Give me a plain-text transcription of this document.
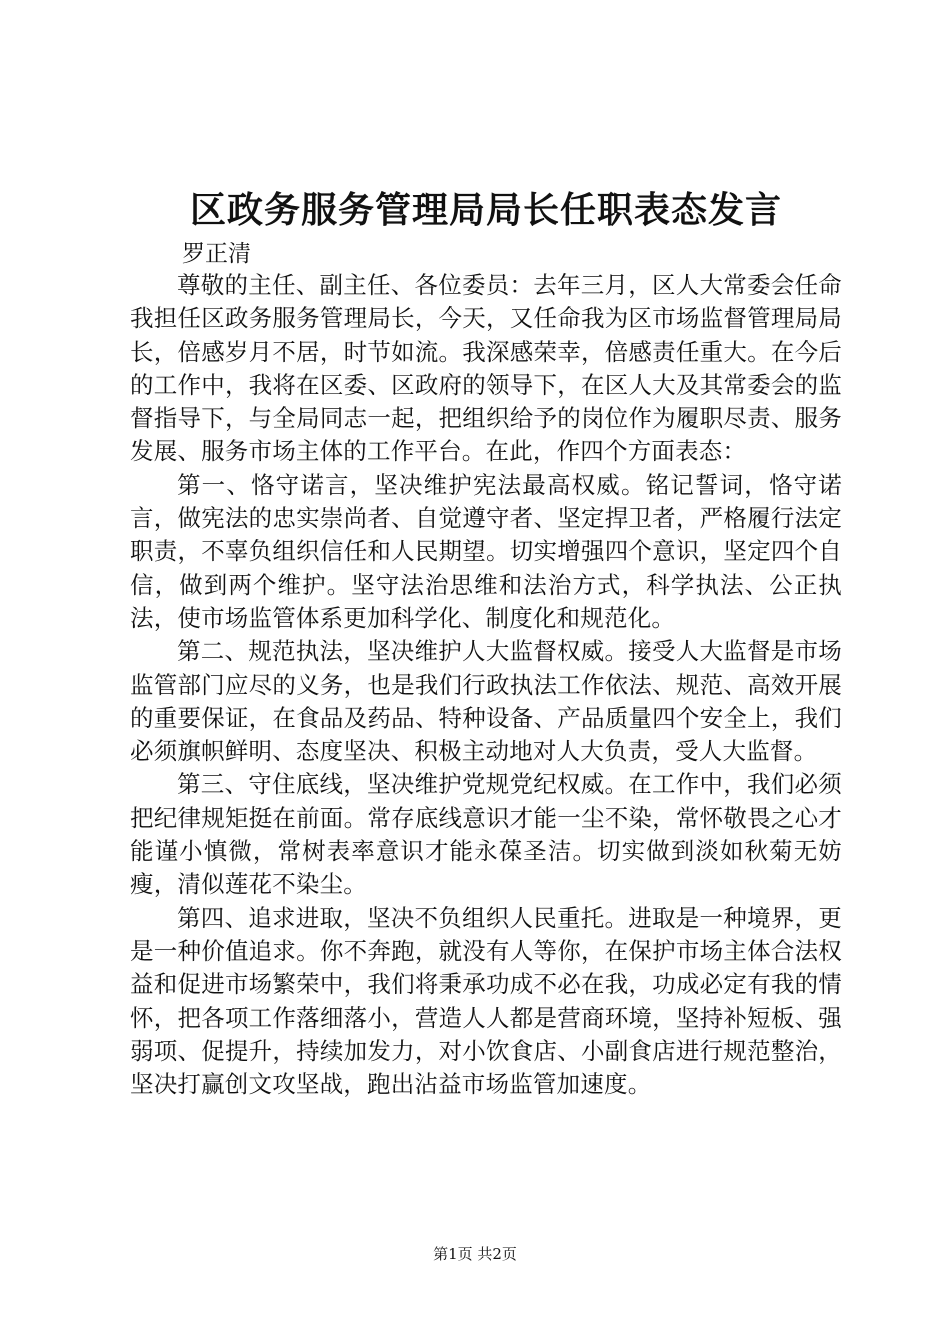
区政务服务管理局局长任职表态发言
罗正清

尊敬的主任、副主任、各位委员：去年三月，区人大常委会任命我担任区政务服务管理局长，今天，又任命我为区市场监督管理局局长，倍感岁月不居，时节如流。我深感荣幸，倍感责任重大。在今后的工作中，我将在区委、区政府的领导下，在区人大及其常委会的监督指导下，与全局同志一起，把组织给予的岗位作为履职尽责、服务发展、服务市场主体的工作平台。在此，作四个方面表态：

第一、恪守诺言，坚决维护宪法最高权威。铭记誓词，恪守诺言，做宪法的忠实崇尚者、自觉遵守者、坚定捍卫者，严格履行法定职责，不辜负组织信任和人民期望。切实增强四个意识，坚定四个自信，做到两个维护。坚守法治思维和法治方式，科学执法、公正执法，使市场监管体系更加科学化、制度化和规范化。

第二、规范执法，坚决维护人大监督权威。接受人大监督是市场监管部门应尽的义务，也是我们行政执法工作依法、规范、高效开展的重要保证，在食品及药品、特种设备、产品质量四个安全上，我们必须旗帜鲜明、态度坚决、积极主动地对人大负责，受人大监督。

第三、守住底线，坚决维护党规党纪权威。在工作中，我们必须把纪律规矩挺在前面。常存底线意识才能一尘不染，常怀敬畏之心才能谨小慎微，常树表率意识才能永葆圣洁。切实做到淡如秋菊无妨瘦，清似莲花不染尘。

第四、追求进取，坚决不负组织人民重托。进取是一种境界，更是一种价值追求。你不奔跑，就没有人等你，在保护市场主体合法权益和促进市场繁荣中，我们将秉承功成不必在我，功成必定有我的情怀，把各项工作落细落小，营造人人都是营商环境，坚持补短板、强弱项、促提升，持续加发力，对小饮食店、小副食店进行规范整治，坚决打赢创文攻坚战，跑出沾益市场监管加速度。

第1页 共2页
